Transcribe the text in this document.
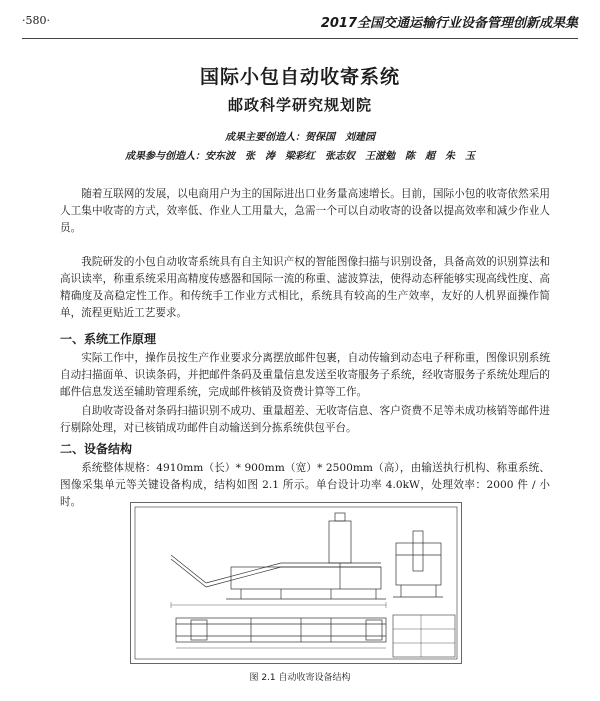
·580·	2017全国交通运输行业设备管理创新成果集
国际小包自动收寄系统
邮政科学研究规划院
成果主要创造人：贺保国　刘建园
成果参与创造人：安东波　张　涛　梁彩红　张志奴　王滋勉　陈　超　朱　玉

随着互联网的发展，以电商用户为主的国际进出口业务量高速增长。目前，国际小包的收寄依然采用人工集中收寄的方式，效率低、作业人工用量大，急需一个可以自动收寄的设备以提高效率和减少作业人员。

我院研发的小包自动收寄系统具有自主知识产权的智能图像扫描与识别设备，具备高效的识别算法和高识读率，称重系统采用高精度传感器和国际一流的称重、滤波算法，使得动态秤能够实现高线性度、高精确度及高稳定性工作。和传统手工作业方式相比，系统具有较高的生产效率，友好的人机界面操作简单，流程更贴近工艺要求。

一、系统工作原理

实际工作中，操作员按生产作业要求分离摆放邮件包裹，自动传输到动态电子秤称重，图像识别系统自动扫描面单、识读条码，并把邮件条码及重量信息发送至收寄服务子系统，经收寄服务子系统处理后的邮件信息发送至辅助管理系统，完成邮件核销及资费计算等工作。

自助收寄设备对条码扫描识别不成功、重量超差、无收寄信息、客户资费不足等未成功核销等邮件进行剔除处理，对已核销成功邮件自动输送到分拣系统供包平台。

二、设备结构

系统整体规格：4910mm（长）* 900mm（宽）* 2500mm（高），由输送执行机构、称重系统、图像采集单元等关键设备构成，结构如图 2.1 所示。单台设计功率 4.0kW，处理效率：2000 件 / 小时。

图 2.1 自动收寄设备结构
